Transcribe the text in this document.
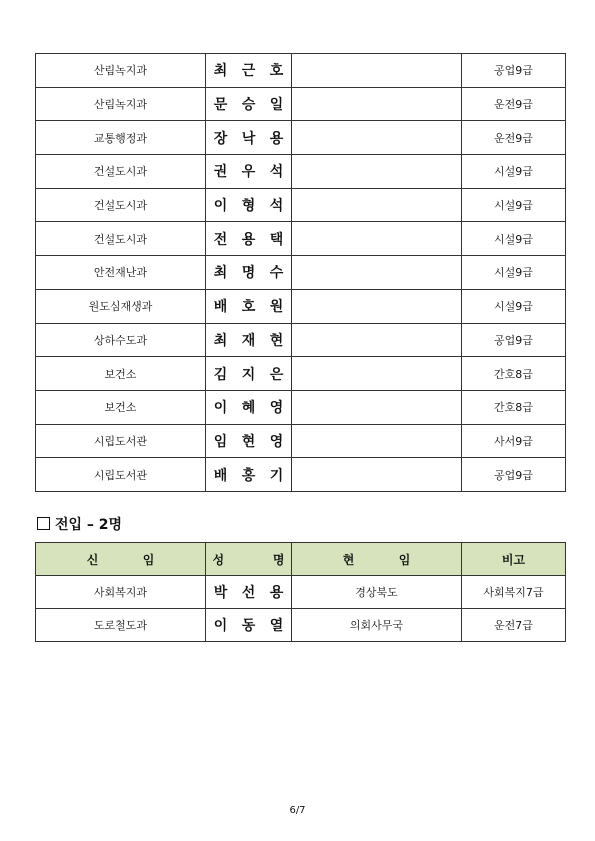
산림녹지과	최 근 호		공업9급
산림녹지과	문 승 일		운전9급
교통행정과	장 낙 용		운전9급
건설도시과	권 우 석		시설9급
건설도시과	이 형 석		시설9급
건설도시과	전 용 택		시설9급
안전재난과	최 명 수		시설9급
원도심재생과	배 호 원		시설9급
상하수도과	최 재 현		공업9급
보건소	김 지 은		간호8급
보건소	이 혜 영		간호8급
시립도서관	임 현 영		사서9급
시립도서관	배 홍 기		공업9급
전입 – 2명
신 임	성 명	현 임	비고
사회복지과	박 선 용	경상북도	사회복지7급
도로철도과	이 동 열	의회사무국	운전7급
6/7
